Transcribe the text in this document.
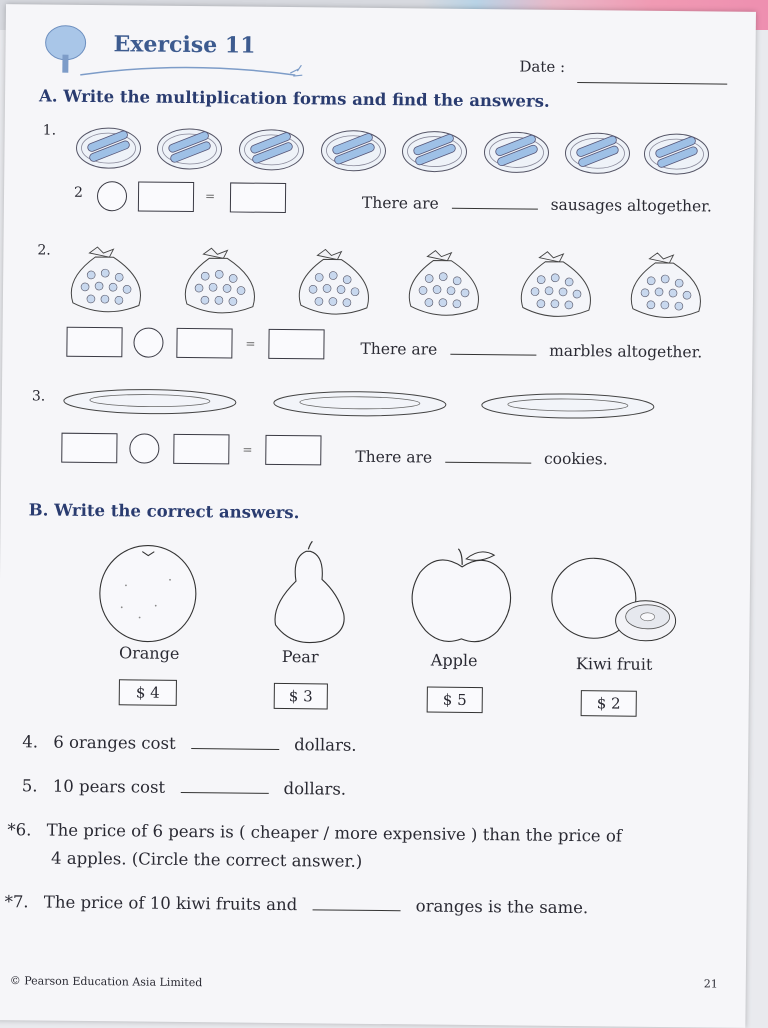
Exercise 11
Date :
A. Write the multiplication forms and find the answers.
1.
2	=	There are	sausages altogether.
2.
=	There are	marbles altogether.
3.
=	There are	cookies.
B. Write the correct answers.
Orange	Pear	Apple	Kiwi fruit
$ 4	$ 3	$ 5	$ 2
4. 6 oranges cost	dollars.
5. 10 pears cost	dollars.
*6. The price of 6 pears is ( cheaper / more expensive ) than the price of
4 apples. (Circle the correct answer.)
*7. The price of 10 kiwi fruits and	oranges is the same.
© Pearson Education Asia Limited	21
